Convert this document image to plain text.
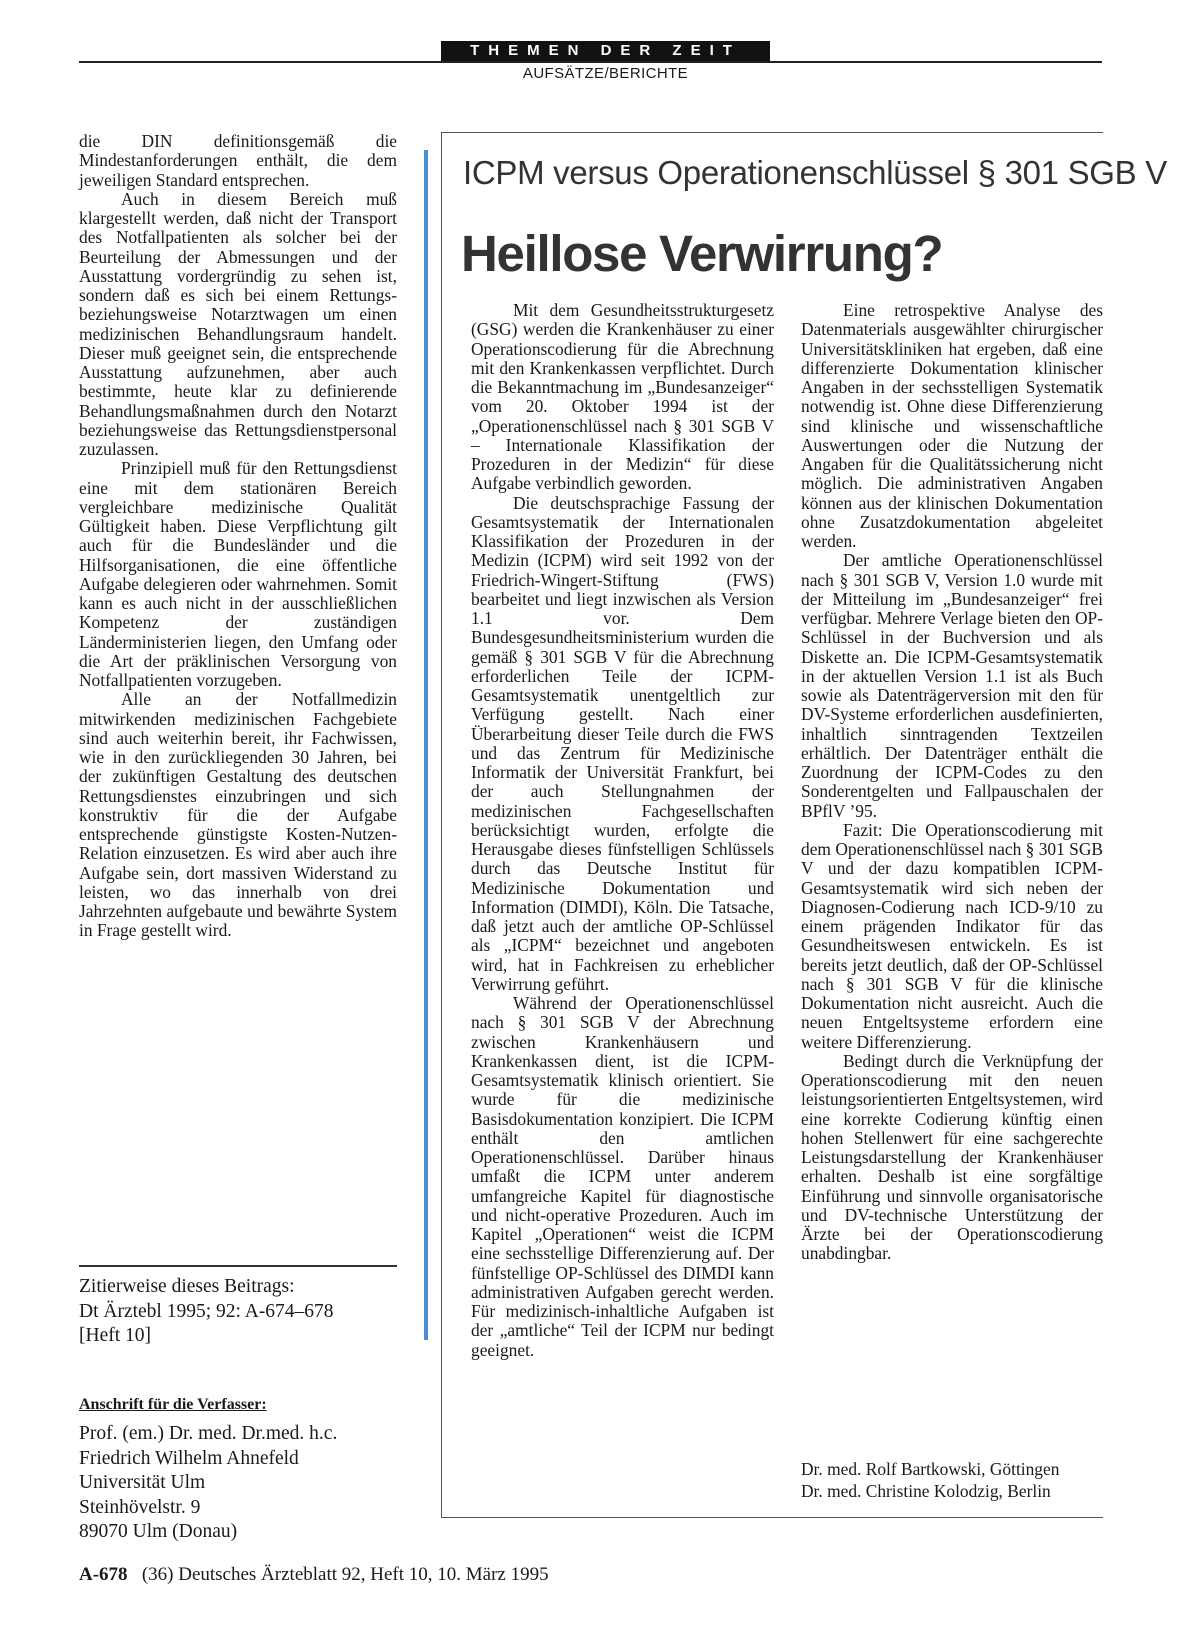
THEMEN DER ZEIT
AUFSÄTZE/BERICHTE

die DIN definitionsgemäß die Mindestanforderungen enthält, die dem jeweiligen Standard entsprechen.

Auch in diesem Bereich muß klargestellt werden, daß nicht der Transport des Notfallpatienten als solcher bei der Beurteilung der Abmessungen und der Ausstattung vordergründig zu sehen ist, sondern daß es sich bei einem Rettungs- beziehungsweise Notarztwagen um einen medizinischen Behandlungsraum handelt. Dieser muß geeignet sein, die entsprechende Ausstattung aufzunehmen, aber auch bestimmte, heute klar zu definierende Behandlungsmaßnahmen durch den Notarzt beziehungsweise das Rettungsdienstpersonal zuzulassen.

Prinzipiell muß für den Rettungsdienst eine mit dem stationären Bereich vergleichbare medizinische Qualität Gültigkeit haben. Diese Verpflichtung gilt auch für die Bundesländer und die Hilfsorganisationen, die eine öffentliche Aufgabe delegieren oder wahrnehmen. Somit kann es auch nicht in der ausschließlichen Kompetenz der zuständigen Länderministerien liegen, den Umfang oder die Art der präklinischen Versorgung von Notfallpatienten vorzugeben.

Alle an der Notfallmedizin mitwirkenden medizinischen Fachgebiete sind auch weiterhin bereit, ihr Fachwissen, wie in den zurückliegenden 30 Jahren, bei der zukünftigen Gestaltung des deutschen Rettungsdienstes einzubringen und sich konstruktiv für die der Aufgabe entsprechende günstigste Kosten-Nutzen-Relation einzusetzen. Es wird aber auch ihre Aufgabe sein, dort massiven Widerstand zu leisten, wo das innerhalb von drei Jahrzehnten aufgebaute und bewährte System in Frage gestellt wird.

Zitierweise dieses Beitrags:
Dt Ärztebl 1995; 92: A-674–678
[Heft 10]
Anschrift für die Verfasser:
Prof. (em.) Dr. med. Dr.med. h.c.
Friedrich Wilhelm Ahnefeld
Universität Ulm
Steinhövelstr. 9
89070 Ulm (Donau)
ICPM versus Operationenschlüssel § 301 SGB V
Heillose Verwirrung?

Mit dem Gesundheitsstrukturgesetz (GSG) werden die Krankenhäuser zu einer Operationscodierung für die Abrechnung mit den Krankenkassen verpflichtet. Durch die Bekanntmachung im „Bundesanzeiger“ vom 20. Oktober 1994 ist der „Operationenschlüssel nach § 301 SGB V – Internationale Klassifikation der Prozeduren in der Medizin“ für diese Aufgabe verbindlich geworden.

Die deutschsprachige Fassung der Gesamtsystematik der Internationalen Klassifikation der Prozeduren in der Medizin (ICPM) wird seit 1992 von der Friedrich-Wingert-Stiftung (FWS) bearbeitet und liegt inzwischen als Version 1.1 vor. Dem Bundesgesundheitsministerium wurden die gemäß § 301 SGB V für die Abrechnung erforderlichen Teile der ICPM-Gesamtsystematik unentgeltlich zur Verfügung gestellt. Nach einer Überarbeitung dieser Teile durch die FWS und das Zentrum für Medizinische Informatik der Universität Frankfurt, bei der auch Stellungnahmen der medizinischen Fachgesellschaften berücksichtigt wurden, erfolgte die Herausgabe dieses fünfstelligen Schlüssels durch das Deutsche Institut für Medizinische Dokumentation und Information (DIMDI), Köln. Die Tatsache, daß jetzt auch der amtliche OP-Schlüssel als „ICPM“ bezeichnet und angeboten wird, hat in Fachkreisen zu erheblicher Verwirrung geführt.

Während der Operationenschlüssel nach § 301 SGB V der Abrechnung zwischen Krankenhäusern und Krankenkassen dient, ist die ICPM-Gesamtsystematik klinisch orientiert. Sie wurde für die medizinische Basisdokumentation konzipiert. Die ICPM enthält den amtlichen Operationenschlüssel. Darüber hinaus umfaßt die ICPM unter anderem umfangreiche Kapitel für diagnostische und nicht-operative Prozeduren. Auch im Kapitel „Operationen“ weist die ICPM eine sechsstellige Differenzierung auf. Der fünfstellige OP-Schlüssel des DIMDI kann administrativen Aufgaben gerecht werden. Für medizinisch-inhaltliche Aufgaben ist der „amtliche“ Teil der ICPM nur bedingt geeignet.

Eine retrospektive Analyse des Datenmaterials ausgewählter chirurgischer Universitätskliniken hat ergeben, daß eine differenzierte Dokumentation klinischer Angaben in der sechsstelligen Systematik notwendig ist. Ohne diese Differenzierung sind klinische und wissenschaftliche Auswertungen oder die Nutzung der Angaben für die Qualitätssicherung nicht möglich. Die administrativen Angaben können aus der klinischen Dokumentation ohne Zusatzdokumentation abgeleitet werden.

Der amtliche Operationenschlüssel nach § 301 SGB V, Version 1.0 wurde mit der Mitteilung im „Bundesanzeiger“ frei verfügbar. Mehrere Verlage bieten den OP-Schlüssel in der Buchversion und als Diskette an. Die ICPM-Gesamtsystematik in der aktuellen Version 1.1 ist als Buch sowie als Datenträgerversion mit den für DV-Systeme erforderlichen ausdefinierten, inhaltlich sinntragenden Textzeilen erhältlich. Der Datenträger enthält die Zuordnung der ICPM-Codes zu den Sonderentgelten und Fallpauschalen der BPflV ’95.

Fazit: Die Operationscodierung mit dem Operationenschlüssel nach § 301 SGB V und der dazu kompatiblen ICPM-Gesamtsystematik wird sich neben der Diagnosen-Codierung nach ICD-9/10 zu einem prägenden Indikator für das Gesundheitswesen entwickeln. Es ist bereits jetzt deutlich, daß der OP-Schlüssel nach § 301 SGB V für die klinische Dokumentation nicht ausreicht. Auch die neuen Entgeltsysteme erfordern eine weitere Differenzierung.

Bedingt durch die Verknüpfung der Operationscodierung mit den neuen leistungsorientierten Entgeltsystemen, wird eine korrekte Codierung künftig einen hohen Stellenwert für eine sachgerechte Leistungsdarstellung der Krankenhäuser erhalten. Deshalb ist eine sorgfältige Einführung und sinnvolle organisatorische und DV-technische Unterstützung der Ärzte bei der Operationscodierung unabdingbar.

Dr. med. Rolf Bartkowski, Göttingen
Dr. med. Christine Kolodzig, Berlin
A-678 (36) Deutsches Ärzteblatt 92, Heft 10, 10. März 1995
